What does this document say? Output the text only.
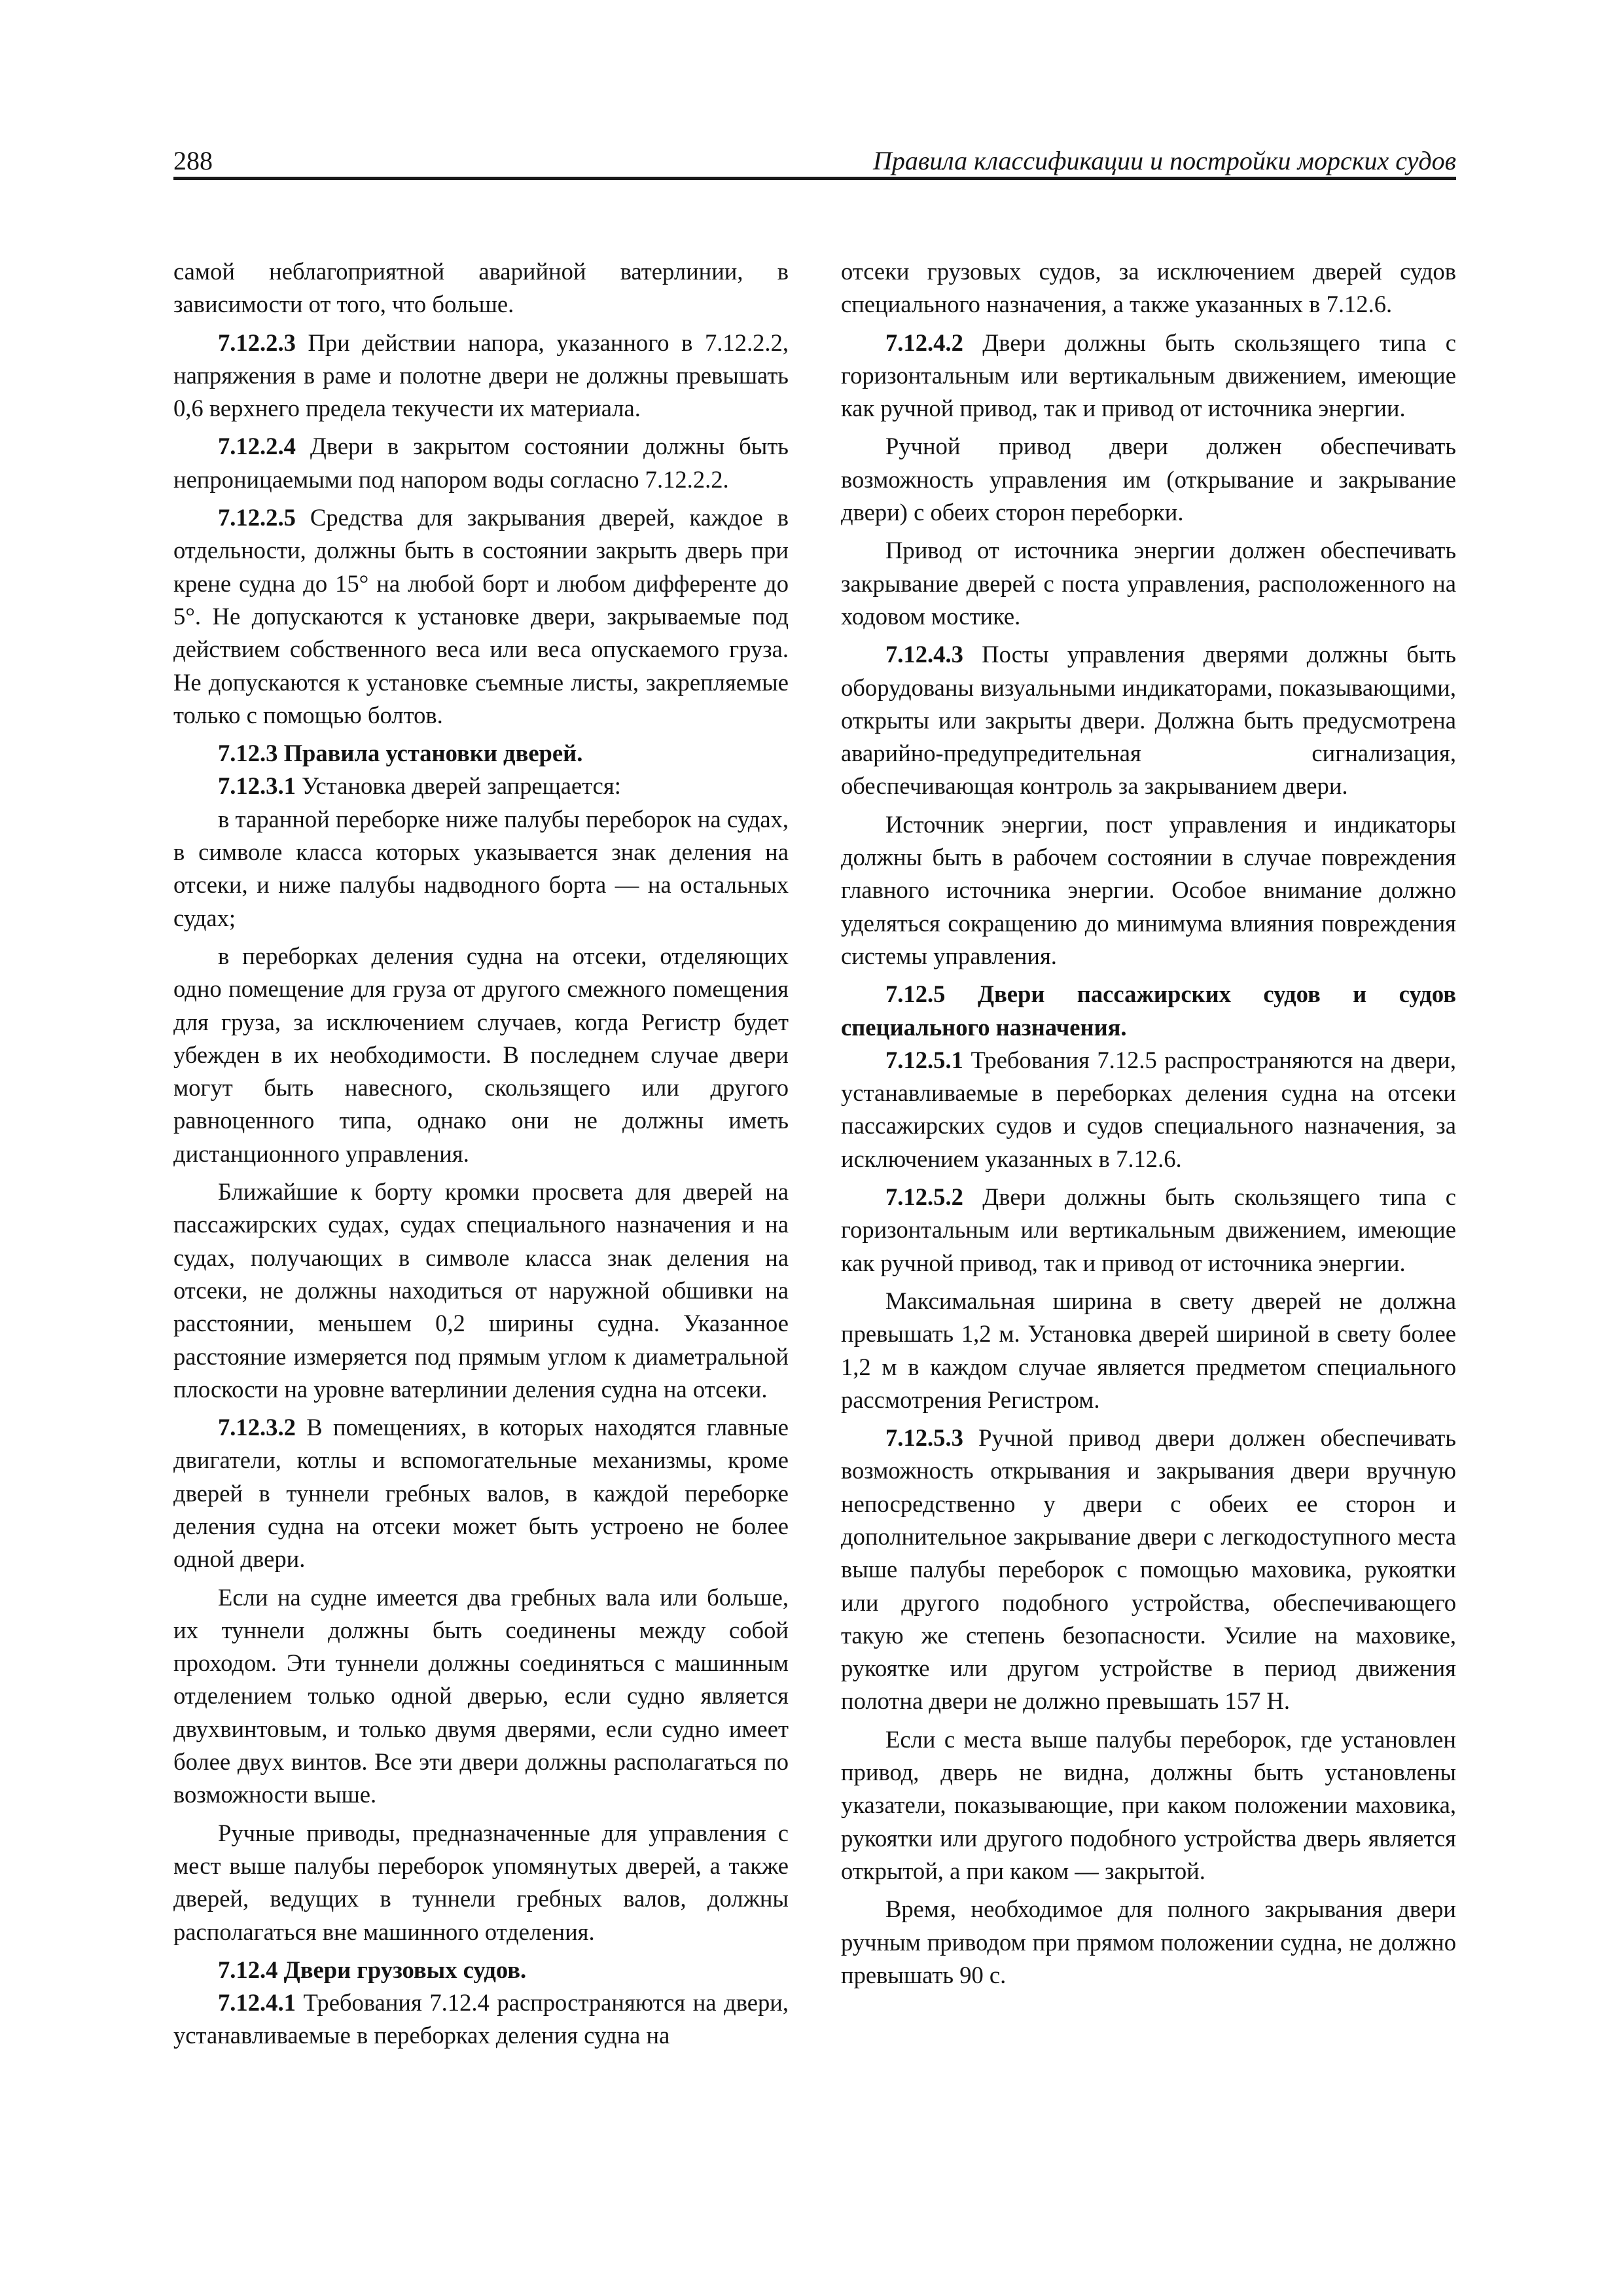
288	Правила классификации и постройки морских судов

самой неблагоприятной аварийной ватерлинии, в зависимости от того, что больше.

7.12.2.3 При действии напора, указанного в 7.12.2.2, напряжения в раме и полотне двери не должны превышать 0,6 верхнего предела текучести их материала.

7.12.2.4 Двери в закрытом состоянии должны быть непроницаемыми под напором воды согласно 7.12.2.2.

7.12.2.5 Средства для закрывания дверей, каждое в отдельности, должны быть в состоянии закрыть дверь при крене судна до 15° на любой борт и любом дифференте до 5°. Не допускаются к установке двери, закрываемые под действием собственного веса или веса опускаемого груза. Не допускаются к установке съемные листы, закрепляемые только с помощью болтов.

7.12.3 Правила установки дверей.

7.12.3.1 Установка дверей запрещается:

в таранной переборке ниже палубы переборок на судах, в символе класса которых указывается знак деления на отсеки, и ниже палубы надводного борта — на остальных судах;

в переборках деления судна на отсеки, отделяющих одно помещение для груза от другого смежного помещения для груза, за исключением случаев, когда Регистр будет убежден в их необходимости. В последнем случае двери могут быть навесного, скользящего или другого равноценного типа, однако они не должны иметь дистанционного управления.

Ближайшие к борту кромки просвета для дверей на пассажирских судах, судах специального назначения и на судах, получающих в символе класса знак деления на отсеки, не должны находиться от наружной обшивки на расстоянии, меньшем 0,2 ширины судна. Указанное расстояние измеряется под прямым углом к диаметральной плоскости на уровне ватерлинии деления судна на отсеки.

7.12.3.2 В помещениях, в которых находятся главные двигатели, котлы и вспомогательные механизмы, кроме дверей в туннели гребных валов, в каждой переборке деления судна на отсеки может быть устроено не более одной двери.

Если на судне имеется два гребных вала или больше, их туннели должны быть соединены между собой проходом. Эти туннели должны соединяться с машинным отделением только одной дверью, если судно является двухвинтовым, и только двумя дверями, если судно имеет более двух винтов. Все эти двери должны располагаться по возможности выше.

Ручные приводы, предназначенные для управления с мест выше палубы переборок упомянутых дверей, а также дверей, ведущих в туннели гребных валов, должны располагаться вне машинного отделения.

7.12.4 Двери грузовых судов.

7.12.4.1 Требования 7.12.4 распространяются на двери, устанавливаемые в переборках деления судна на

отсеки грузовых судов, за исключением дверей судов специального назначения, а также указанных в 7.12.6.

7.12.4.2 Двери должны быть скользящего типа с горизонтальным или вертикальным движением, имеющие как ручной привод, так и привод от источника энергии.

Ручной привод двери должен обеспечивать возможность управления им (открывание и закрывание двери) с обеих сторон переборки.

Привод от источника энергии должен обеспечивать закрывание дверей с поста управления, расположенного на ходовом мостике.

7.12.4.3 Посты управления дверями должны быть оборудованы визуальными индикаторами, показывающими, открыты или закрыты двери. Должна быть предусмотрена аварийно-предупредительная сигнализация, обеспечивающая контроль за закрыванием двери.

Источник энергии, пост управления и индикаторы должны быть в рабочем состоянии в случае повреждения главного источника энергии. Особое внимание должно уделяться сокращению до минимума влияния повреждения системы управления.

7.12.5 Двери пассажирских судов и судов специального назначения.

7.12.5.1 Требования 7.12.5 распространяются на двери, устанавливаемые в переборках деления судна на отсеки пассажирских судов и судов специального назначения, за исключением указанных в 7.12.6.

7.12.5.2 Двери должны быть скользящего типа с горизонтальным или вертикальным движением, имеющие как ручной привод, так и привод от источника энергии.

Максимальная ширина в свету дверей не должна превышать 1,2 м. Установка дверей шириной в свету более 1,2 м в каждом случае является предметом специального рассмотрения Регистром.

7.12.5.3 Ручной привод двери должен обеспечивать возможность открывания и закрывания двери вручную непосредственно у двери с обеих ее сторон и дополнительное закрывание двери с легкодоступного места выше палубы переборок с помощью маховика, рукоятки или другого подобного устройства, обеспечивающего такую же степень безопасности. Усилие на маховике, рукоятке или другом устройстве в период движения полотна двери не должно превышать 157 Н.

Если с места выше палубы переборок, где установлен привод, дверь не видна, должны быть установлены указатели, показывающие, при каком положении маховика, рукоятки или другого подобного устройства дверь является открытой, а при каком — закрытой.

Время, необходимое для полного закрывания двери ручным приводом при прямом положении судна, не должно превышать 90 с.
